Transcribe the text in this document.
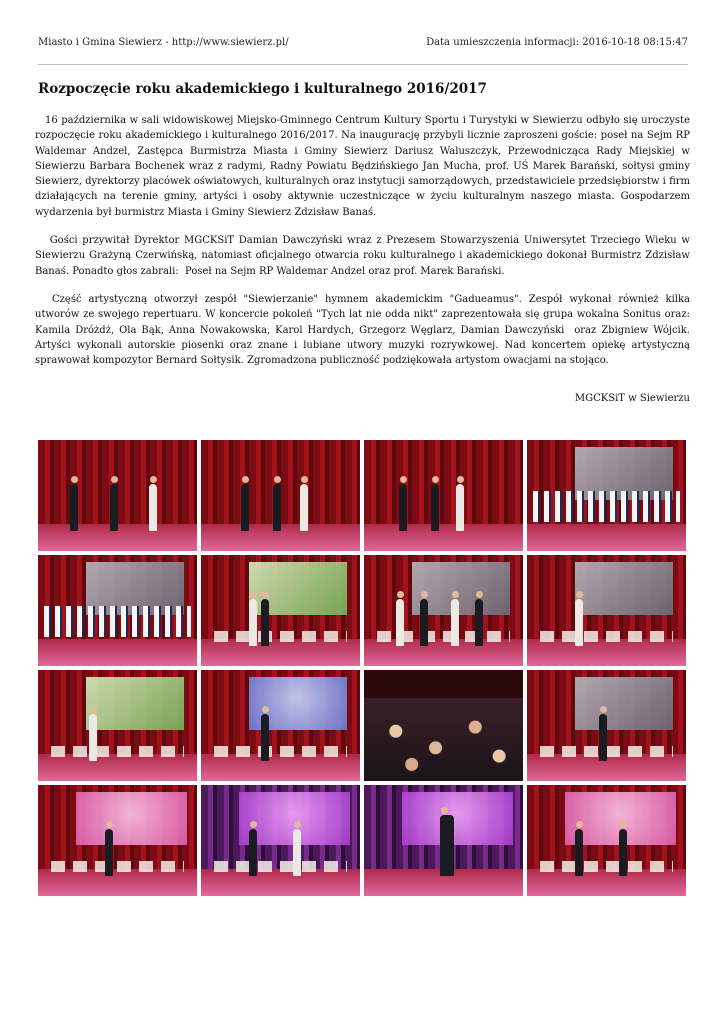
Miasto i Gmina Siewierz - http://www.siewierz.pl/	Data umieszczenia informacji: 2016-10-18 08:15:47
Rozpoczęcie roku akademickiego i kulturalnego 2016/2017

16 października w sali widowiskowej Miejsko-Gminnego Centrum Kultury Sportu i Turystyki w Siewierzu odbyło się uroczyste rozpoczęcie roku akademickiego i kulturalnego 2016/2017. Na inaugurację przybyli licznie zaproszeni goście: poseł na Sejm RP Waldemar Andzel, Zastępca Burmistrza Miasta i Gminy Siewierz Dariusz Waluszczyk, Przewodnicząca Rady Miejskiej w Siewierzu Barbara Bochenek wraz z radymi, Radny Powiatu Będzińskiego Jan Mucha, prof. UŚ Marek Barański, sołtysi gminy Siewierz, dyrektorzy placówek oświatowych, kulturalnych oraz instytucji samorządowych, przedstawiciele przedsiębiorstw i firm działających na terenie gminy, artyści i osoby aktywnie uczestniczące w życiu kulturalnym naszego miasta. Gospodarzem wydarzenia był burmistrz Miasta i Gminy Siewierz Zdzisław Banaś.

Gości przywitał Dyrektor MGCKSiT Damian Dawczyński wraz z Prezesem Stowarzyszenia Uniwersytet Trzeciego Wieku w Siewierzu Grażyną Czerwińską, natomiast oficjalnego otwarcia roku kulturalnego i akademickiego dokonał Burmistrz Zdzisław Banaś. Ponadto głos zabrali:  Poseł na Sejm RP Waldemar Andzel oraz prof. Marek Barański.

Część artystyczną otworzył zespół "Siewierzanie" hymnem akademickim "Gadueamus". Zespół wykonał również kilka utworów ze swojego repertuaru. W koncercie pokoleń "Tych lat nie odda nikt" zaprezentowała się grupa wokalna Sonitus oraz: Kamila Dróżdż, Ola Bąk, Anna Nowakowska, Karol Hardych, Grzegorz Węglarz, Damian Dawczyński  oraz Zbigniew Wójcik. Artyści wykonali autorskie piosenki oraz znane i lubiane utwory muzyki rozrywkowej. Nad koncertem opiekę artystyczną sprawował kompozytor Bernard Sołtysik. Zgromadzona publiczność podziękowała artystom owacjami na stojąco.

MGCKSiT w Siewierzu
